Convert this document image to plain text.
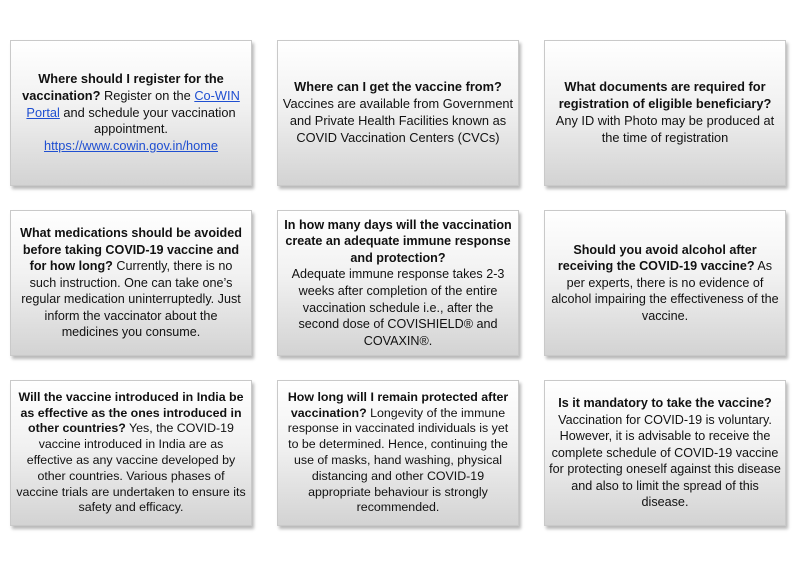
Where should I register for the vaccination? Register on the Co-WIN Portal and schedule your vaccination appointment.
https://www.cowin.gov.in/home

Where can I get the vaccine from?
Vaccines are available from Government and Private Health Facilities known as COVID Vaccination Centers (CVCs)

What documents are required for registration of eligible beneficiary? Any ID with Photo may be produced at the time of registration

What medications should be avoided before taking COVID-19 vaccine and for how long? Currently, there is no such instruction. One can take one’s regular medication uninterruptedly. Just inform the vaccinator about the medicines you consume.

In how many days will the vaccination create an adequate immune response and protection?
Adequate immune response takes 2-3 weeks after completion of the entire vaccination schedule i.e., after the second dose of COVISHIELD® and COVAXIN®.

Should you avoid alcohol after receiving the COVID-19 vaccine? As per experts, there is no evidence of alcohol impairing the effectiveness of the vaccine.

Will the vaccine introduced in India be as effective as the ones introduced in other countries? Yes, the COVID-19 vaccine introduced in India are as effective as any vaccine developed by other countries. Various phases of vaccine trials are undertaken to ensure its safety and efficacy.

How long will I remain protected after vaccination? Longevity of the immune response in vaccinated individuals is yet to be determined. Hence, continuing the use of masks, hand washing, physical distancing and other COVID-19 appropriate behaviour is strongly recommended.

Is it mandatory to take the vaccine?
Vaccination for COVID-19 is voluntary. However, it is advisable to receive the complete schedule of COVID-19 vaccine for protecting oneself against this disease and also to limit the spread of this disease.
